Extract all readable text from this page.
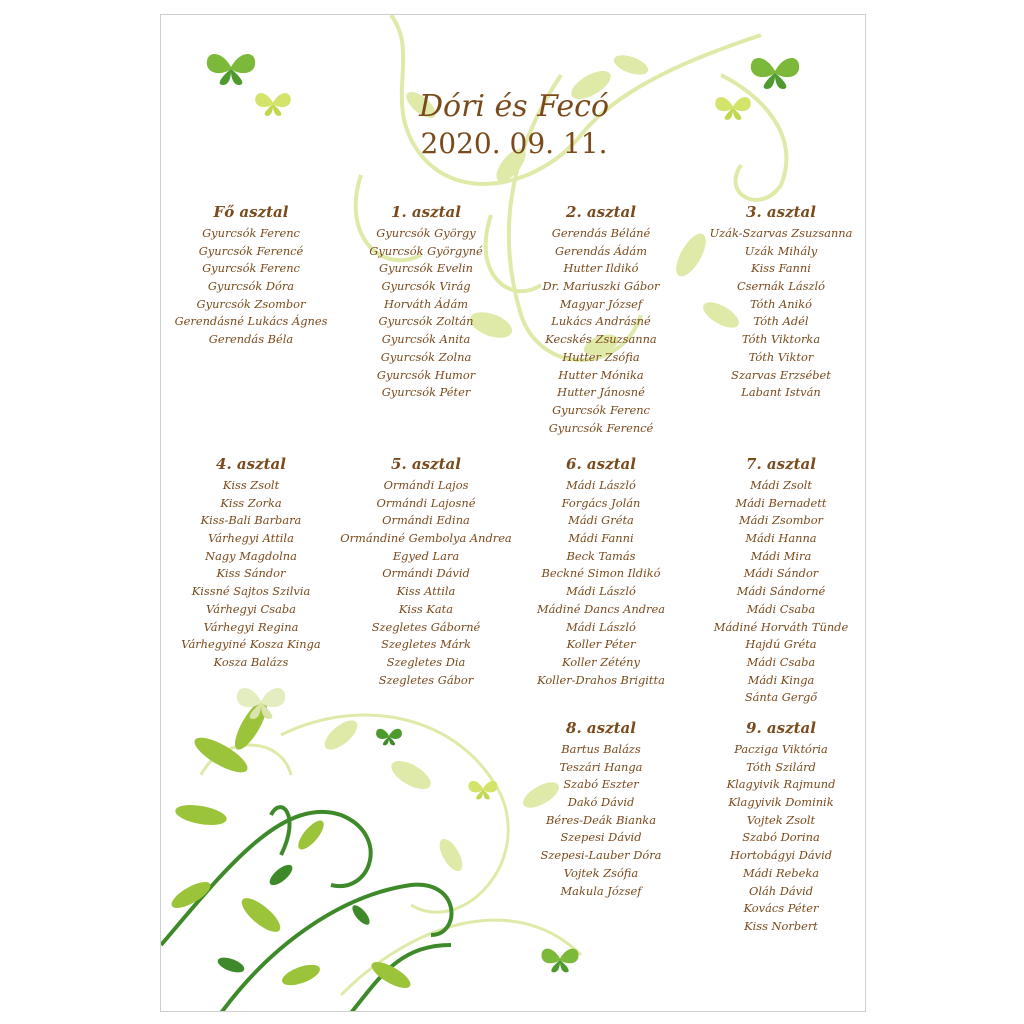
Dóri és Fecó
2020. 09. 11.
Fő asztal
Gyurcsók Ferenc
Gyurcsók Ferencé
Gyurcsók Ferenc
Gyurcsók Dóra
Gyurcsók Zsombor
Gerendásné Lukács Ágnes
Gerendás Béla
1. asztal
Gyurcsók György
Gyurcsók Györgyné
Gyurcsók Evelin
Gyurcsók Virág
Horváth Ádám
Gyurcsók Zoltán
Gyurcsók Anita
Gyurcsók Zolna
Gyurcsók Humor
Gyurcsók Péter
2. asztal
Gerendás Béláné
Gerendás Ádám
Hutter Ildikó
Dr. Mariuszki Gábor
Magyar József
Lukács Andrásné
Kecskés Zsuzsanna
Hutter Zsófia
Hutter Mónika
Hutter Jánosné
Gyurcsók Ferenc
Gyurcsók Ferencé
3. asztal
Uzák-Szarvas Zsuzsanna
Uzák Mihály
Kiss Fanni
Csernák László
Tóth Anikó
Tóth Adél
Tóth Viktorka
Tóth Viktor
Szarvas Erzsébet
Labant István
4. asztal
Kiss Zsolt
Kiss Zorka
Kiss-Bali Barbara
Várhegyi Attila
Nagy Magdolna
Kiss Sándor
Kissné Sajtos Szilvia
Várhegyi Csaba
Várhegyi Regina
Várhegyiné Kosza Kinga
Kosza Balázs
5. asztal
Ormándi Lajos
Ormándi Lajosné
Ormándi Edina
Ormándiné Gembolya Andrea
Egyed Lara
Ormándi Dávid
Kiss Attila
Kiss Kata
Szegletes Gáborné
Szegletes Márk
Szegletes Dia
Szegletes Gábor
6. asztal
Mádi László
Forgács Jolán
Mádi Gréta
Mádi Fanni
Beck Tamás
Beckné Simon Ildikó
Mádi László
Mádiné Dancs Andrea
Mádi László
Koller Péter
Koller Zétény
Koller-Drahos Brigitta
7. asztal
Mádi Zsolt
Mádi Bernadett
Mádi Zsombor
Mádi Hanna
Mádi Mira
Mádi Sándor
Mádi Sándorné
Mádi Csaba
Mádiné Horváth Tünde
Hajdú Gréta
Mádi Csaba
Mádi Kinga
Sánta Gergő
8. asztal
Bartus Balázs
Teszári Hanga
Szabó Eszter
Dakó Dávid
Béres-Deák Bianka
Szepesi Dávid
Szepesi-Lauber Dóra
Vojtek Zsófia
Makula József
9. asztal
Pacziga Viktória
Tóth Szilárd
Klagyivik Rajmund
Klagyivik Dominik
Vojtek Zsolt
Szabó Dorina
Hortobágyi Dávid
Mádi Rebeka
Oláh Dávid
Kovács Péter
Kiss Norbert
